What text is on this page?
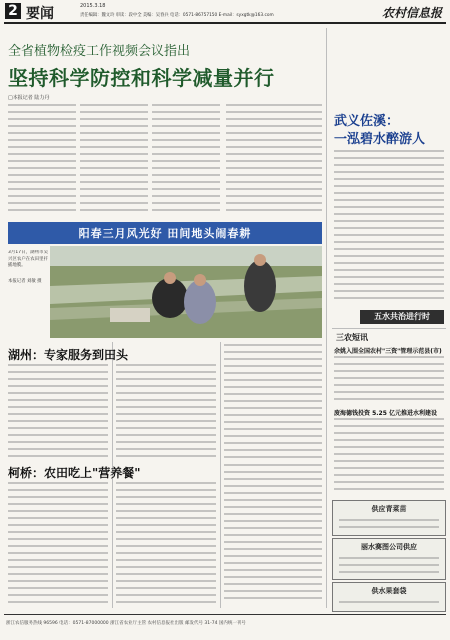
2 要闻	2015.3.18
责任编辑：魏文玲 审读：段中全 美编：吴春兵 电话：0571-86757150 E-mail：syxgtk@163.com	农村信息报
全省植物检疫工作视频会议指出
坚持科学防控和科学减量并行
□本报记者 陆力丹
阳春三月风光好 田间地头闹春耕
3月17日，湖州市吴兴区农户在农田里扦插地膜。
本报记者 刘敏 摄
湖州：专家服务到田头
柯桥：农田吃上"营养餐"
武义佐溪：
一泓碧水醉游人
五水共治进行时
三农短讯
余姚入围全国农村"三资"管理示范县(市)
废海德钱投资 5.25 亿元推进水利建设
供应青菜苗
丽水赛图公司供应
供水果套袋
浙江农信服务热线 96596 电话：0571-87000000 浙江省农业厅主管 农村信息报社出版 邮发代号 31-74 国内统一刊号
